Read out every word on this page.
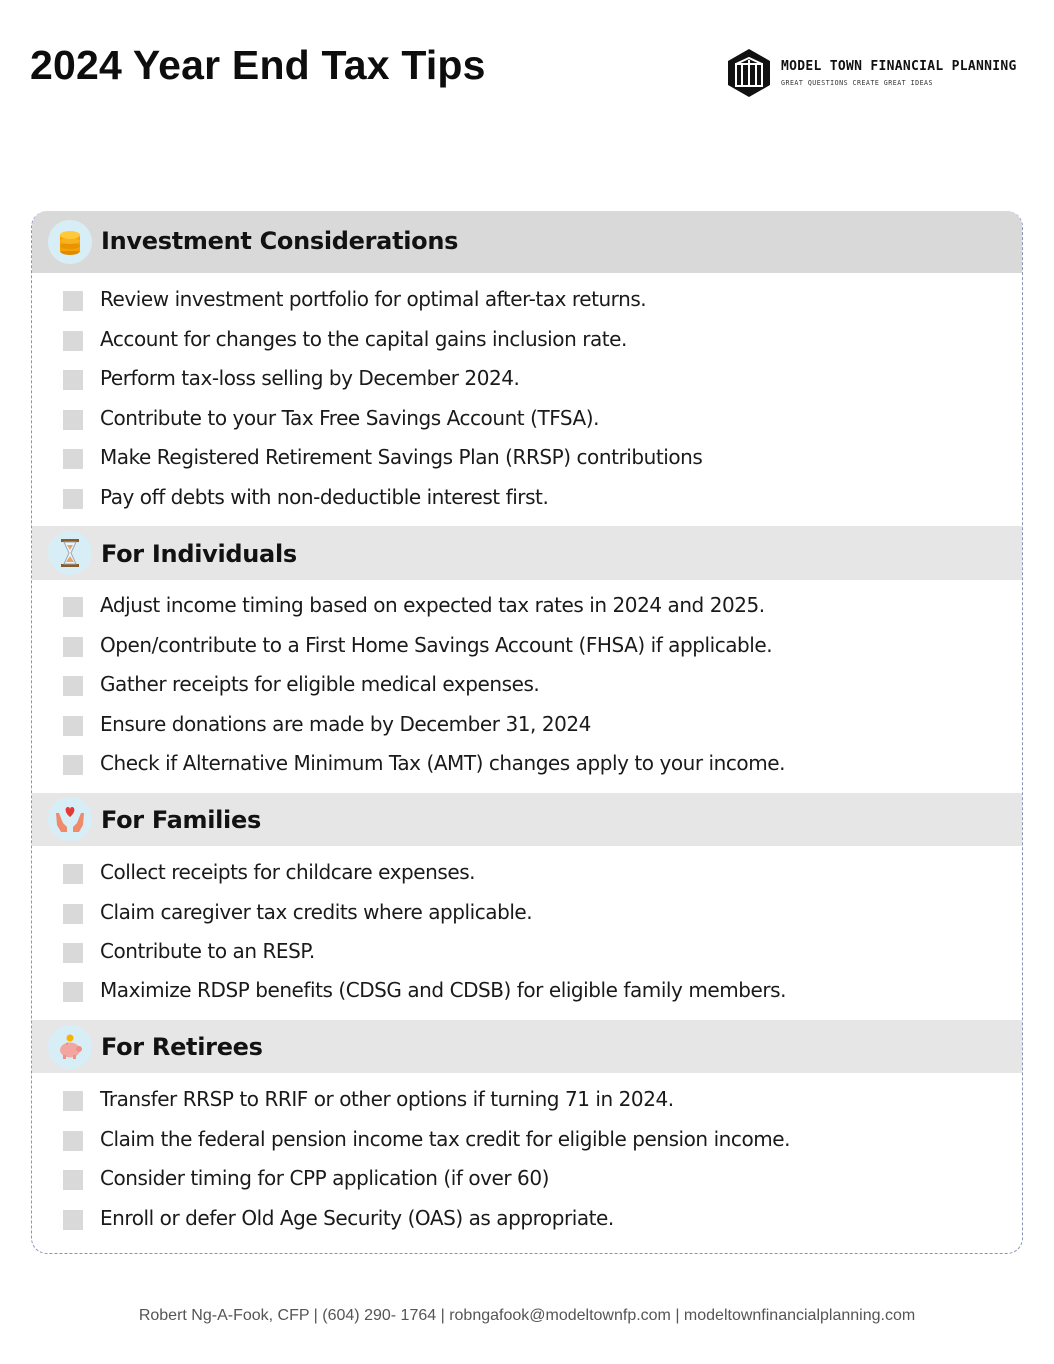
2024 Year End Tax Tips	MODEL TOWN FINANCIAL PLANNING
GREAT QUESTIONS CREATE GREAT IDEAS
Investment Considerations
Review investment portfolio for optimal after-tax returns.
Account for changes to the capital gains inclusion rate.
Perform tax-loss selling by December 2024.
Contribute to your Tax Free Savings Account (TFSA).
Make Registered Retirement Savings Plan (RRSP) contributions
Pay off debts with non-deductible interest first.
For Individuals
Adjust income timing based on expected tax rates in 2024 and 2025.
Open/contribute to a First Home Savings Account (FHSA) if applicable.
Gather receipts for eligible medical expenses.
Ensure donations are made by December 31, 2024
Check if Alternative Minimum Tax (AMT) changes apply to your income.
For Families
Collect receipts for childcare expenses.
Claim caregiver tax credits where applicable.
Contribute to an RESP.
Maximize RDSP benefits (CDSG and CDSB) for eligible family members.
For Retirees
Transfer RRSP to RRIF or other options if turning 71 in 2024.
Claim the federal pension income tax credit for eligible pension income.
Consider timing for CPP application (if over 60)
Enroll or defer Old Age Security (OAS) as appropriate.
Robert Ng-A-Fook, CFP | (604) 290- 1764 | robngafook@modeltownfp.com | modeltownfinancialplanning.com
